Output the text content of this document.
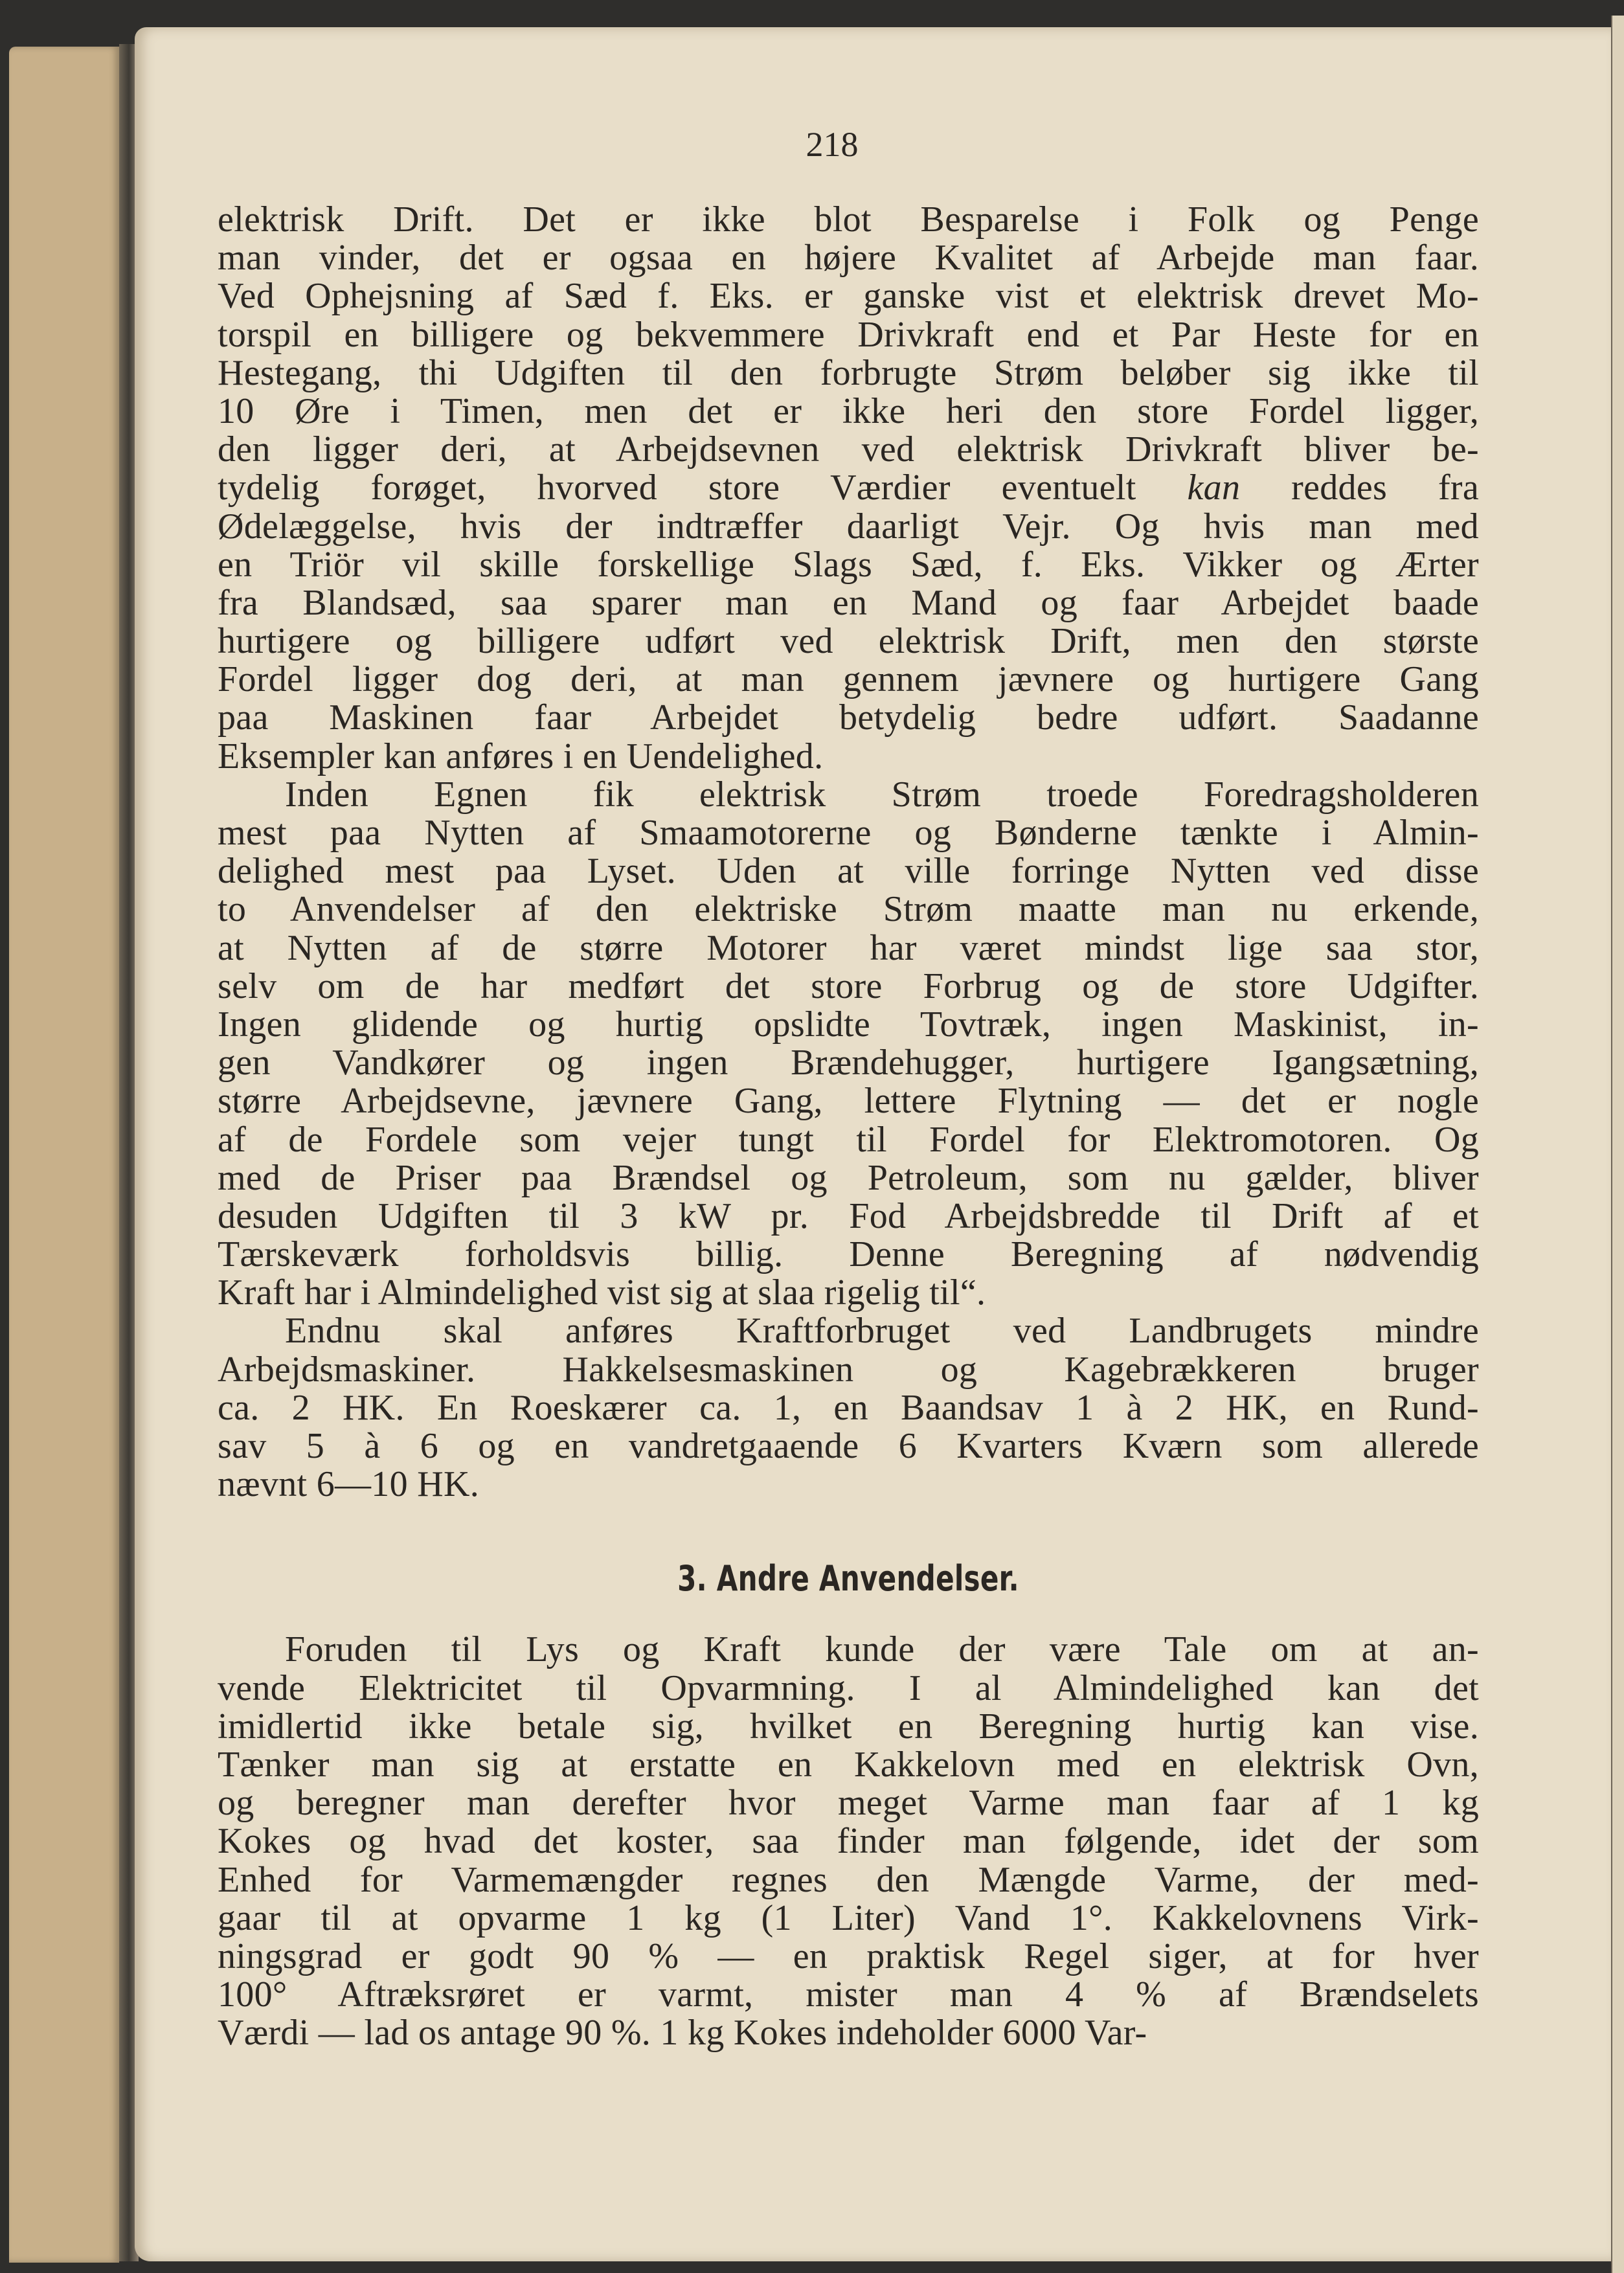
218
elektrisk Drift. Det er ikke blot Besparelse i Folk og Penge
man vinder, det er ogsaa en højere Kvalitet af Arbejde man faar.
Ved Ophejsning af Sæd f. Eks. er ganske vist et elektrisk drevet Mo-
torspil en billigere og bekvemmere Drivkraft end et Par Heste for en
Hestegang, thi Udgiften til den forbrugte Strøm beløber sig ikke til
10 Øre i Timen, men det er ikke heri den store Fordel ligger,
den ligger deri, at Arbejdsevnen ved elektrisk Drivkraft bliver be-
tydelig forøget, hvorved store Værdier eventuelt kan reddes fra
Ødelæggelse, hvis der indtræffer daarligt Vejr. Og hvis man med
en Triör vil skille forskellige Slags Sæd, f. Eks. Vikker og Ærter
fra Blandsæd, saa sparer man en Mand og faar Arbejdet baade
hurtigere og billigere udført ved elektrisk Drift, men den største
Fordel ligger dog deri, at man gennem jævnere og hurtigere Gang
paa Maskinen faar Arbejdet betydelig bedre udført. Saadanne
Eksempler kan anføres i en Uendelighed.
Inden Egnen fik elektrisk Strøm troede Foredragsholderen
mest paa Nytten af Smaamotorerne og Bønderne tænkte i Almin-
delighed mest paa Lyset. Uden at ville forringe Nytten ved disse
to Anvendelser af den elektriske Strøm maatte man nu erkende,
at Nytten af de større Motorer har været mindst lige saa stor,
selv om de har medført det store Forbrug og de store Udgifter.
Ingen glidende og hurtig opslidte Tovtræk, ingen Maskinist, in-
gen Vandkører og ingen Brændehugger, hurtigere Igangsætning,
større Arbejdsevne, jævnere Gang, lettere Flytning — det er nogle
af de Fordele som vejer tungt til Fordel for Elektromotoren. Og
med de Priser paa Brændsel og Petroleum, som nu gælder, bliver
desuden Udgiften til 3 kW pr. Fod Arbejdsbredde til Drift af et
Tærskeværk forholdsvis billig. Denne Beregning af nødvendig
Kraft har i Almindelighed vist sig at slaa rigelig til“.
Endnu skal anføres Kraftforbruget ved Landbrugets mindre
Arbejdsmaskiner. Hakkelsesmaskinen og Kagebrækkeren bruger
ca. 2 HK. En Roeskærer ca. 1, en Baandsav 1 à 2 HK, en Rund-
sav 5 à 6 og en vandretgaaende 6 Kvarters Kværn som allerede
nævnt 6—10 HK.
3. Andre Anvendelser.
Foruden til Lys og Kraft kunde der være Tale om at an-
vende Elektricitet til Opvarmning. I al Almindelighed kan det
imidlertid ikke betale sig, hvilket en Beregning hurtig kan vise.
Tænker man sig at erstatte en Kakkelovn med en elektrisk Ovn,
og beregner man derefter hvor meget Varme man faar af 1 kg
Kokes og hvad det koster, saa finder man følgende, idet der som
Enhed for Varmemængder regnes den Mængde Varme, der med-
gaar til at opvarme 1 kg (1 Liter) Vand 1°. Kakkelovnens Virk-
ningsgrad er godt 90 % — en praktisk Regel siger, at for hver
100° Aftræksrøret er varmt, mister man 4 % af Brændselets
Værdi — lad os antage 90 %. 1 kg Kokes indeholder 6000 Var-
